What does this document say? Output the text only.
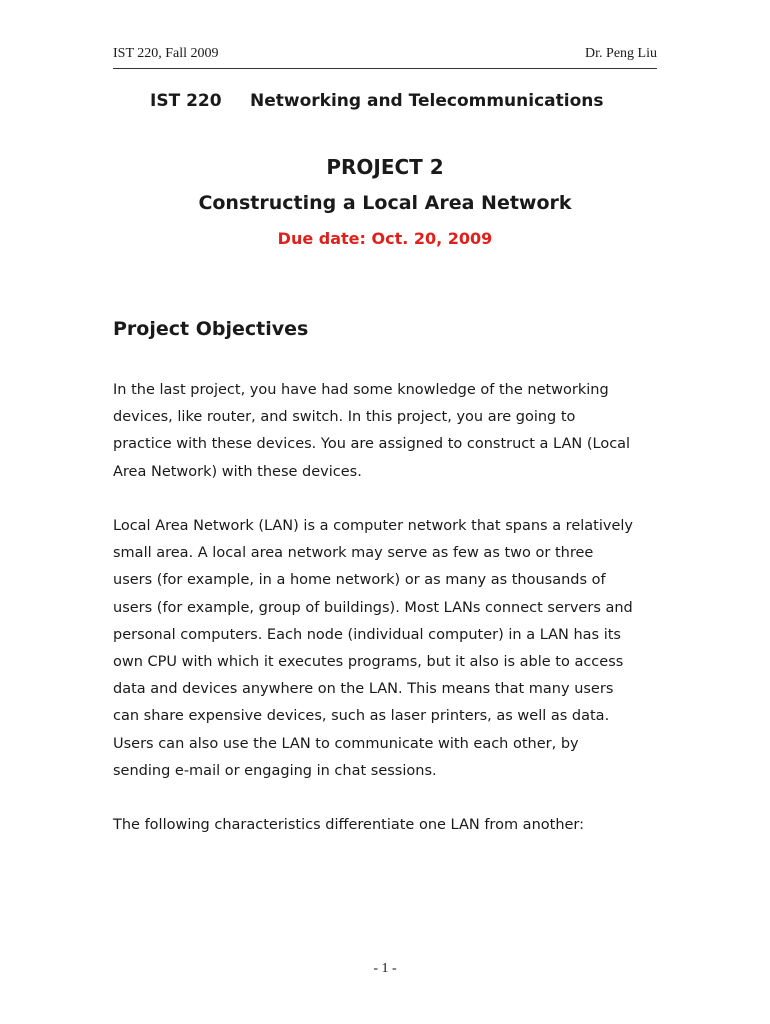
IST 220, Fall 2009	Dr. Peng Liu
IST 220 Networking and Telecommunications
PROJECT 2
Constructing a Local Area Network
Due date: Oct. 20, 2009
Project Objectives
In the last project, you have had some knowledge of the networking
devices, like router, and switch. In this project, you are going to
practice with these devices. You are assigned to construct a LAN (Local
Area Network) with these devices.
Local Area Network (LAN) is a computer network that spans a relatively
small area. A local area network may serve as few as two or three
users (for example, in a home network) or as many as thousands of
users (for example, group of buildings). Most LANs connect servers and
personal computers. Each node (individual computer) in a LAN has its
own CPU with which it executes programs, but it also is able to access
data and devices anywhere on the LAN. This means that many users
can share expensive devices, such as laser printers, as well as data.
Users can also use the LAN to communicate with each other, by
sending e-mail or engaging in chat sessions.
The following characteristics differentiate one LAN from another:
- 1 -
